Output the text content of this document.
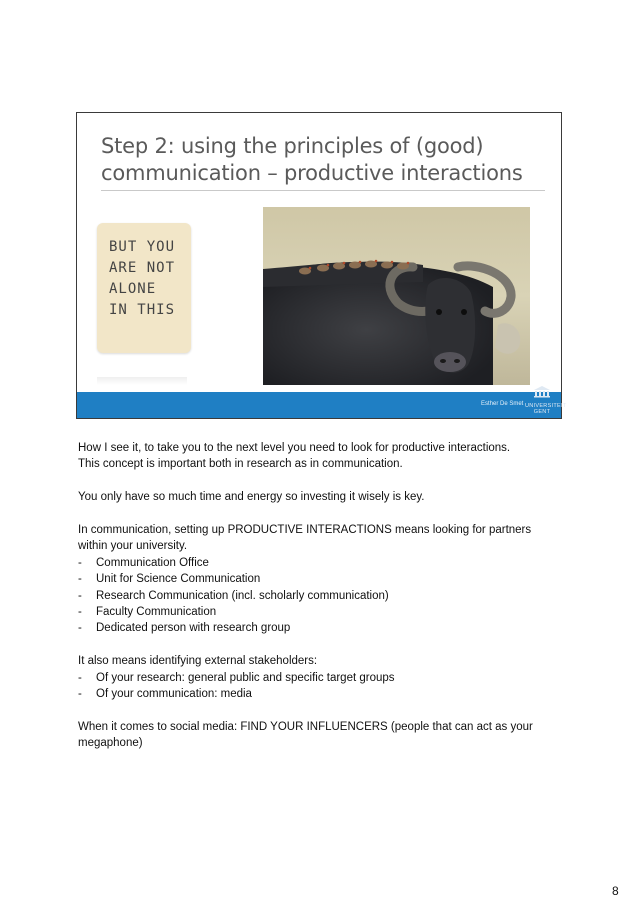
Step 2: using the principles of (good)
communication – productive interactions
BUT YOU
ARE NOT
ALONE
IN THIS
Esther De Smet UNIVERSITEIT
GENT

How I see it, to take you to the next level you need to look for productive interactions.
This concept is important both in research as in communication.

You only have so much time and energy so investing it wisely is key.

In communication, setting up PRODUCTIVE INTERACTIONS means looking for partners
within your university.

- Communication Office
- Unit for Science Communication
- Research Communication (incl. scholarly communication)
- Faculty Communication
- Dedicated person with research group

It also means identifying external stakeholders:

- Of your research: general public and specific target groups
- Of your communication: media

When it comes to social media: FIND YOUR INFLUENCERS (people that can act as your
megaphone)

8
